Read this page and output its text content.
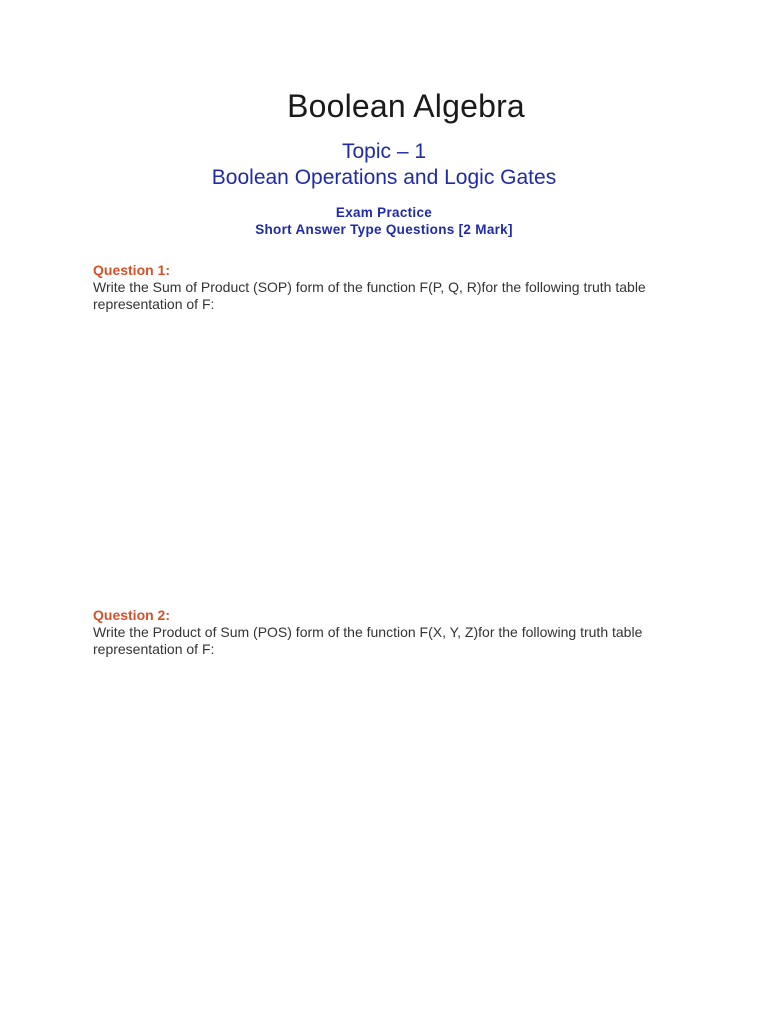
Boolean Algebra
Topic – 1
Boolean Operations and Logic Gates
Exam Practice
Short Answer Type Questions [2 Mark]
Question 1:
Write the Sum of Product (SOP) form of the function F(P, Q, R)for the following truth table representation of F:
Question 2:
Write the Product of Sum (POS) form of the function F(X, Y, Z)for the following truth table representation of F:
